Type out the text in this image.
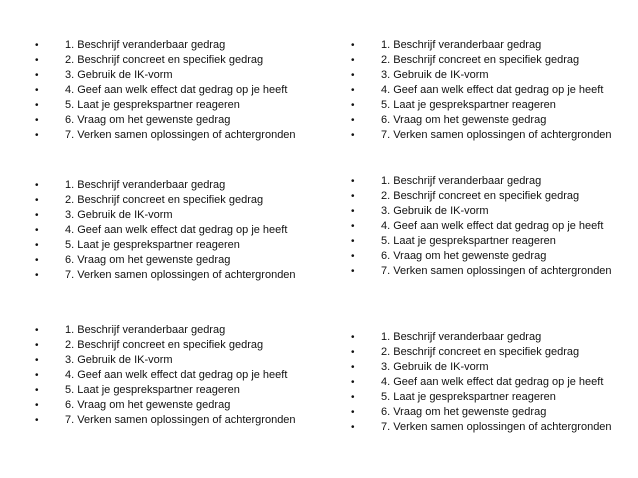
• 1. Beschrijf veranderbaar gedrag
• 2. Beschrijf concreet en specifiek gedrag
• 3. Gebruik de IK-vorm
• 4. Geef aan welk effect dat gedrag op je heeft
• 5. Laat je gesprekspartner reageren
• 6. Vraag om het gewenste gedrag
• 7. Verken samen oplossingen of achtergronden
• 1. Beschrijf veranderbaar gedrag
• 2. Beschrijf concreet en specifiek gedrag
• 3. Gebruik de IK-vorm
• 4. Geef aan welk effect dat gedrag op je heeft
• 5. Laat je gesprekspartner reageren
• 6. Vraag om het gewenste gedrag
• 7. Verken samen oplossingen of achtergronden
• 1. Beschrijf veranderbaar gedrag
• 2. Beschrijf concreet en specifiek gedrag
• 3. Gebruik de IK-vorm
• 4. Geef aan welk effect dat gedrag op je heeft
• 5. Laat je gesprekspartner reageren
• 6. Vraag om het gewenste gedrag
• 7. Verken samen oplossingen of achtergronden
• 1. Beschrijf veranderbaar gedrag
• 2. Beschrijf concreet en specifiek gedrag
• 3. Gebruik de IK-vorm
• 4. Geef aan welk effect dat gedrag op je heeft
• 5. Laat je gesprekspartner reageren
• 6. Vraag om het gewenste gedrag
• 7. Verken samen oplossingen of achtergronden
• 1. Beschrijf veranderbaar gedrag
• 2. Beschrijf concreet en specifiek gedrag
• 3. Gebruik de IK-vorm
• 4. Geef aan welk effect dat gedrag op je heeft
• 5. Laat je gesprekspartner reageren
• 6. Vraag om het gewenste gedrag
• 7. Verken samen oplossingen of achtergronden
• 1. Beschrijf veranderbaar gedrag
• 2. Beschrijf concreet en specifiek gedrag
• 3. Gebruik de IK-vorm
• 4. Geef aan welk effect dat gedrag op je heeft
• 5. Laat je gesprekspartner reageren
• 6. Vraag om het gewenste gedrag
• 7. Verken samen oplossingen of achtergronden
